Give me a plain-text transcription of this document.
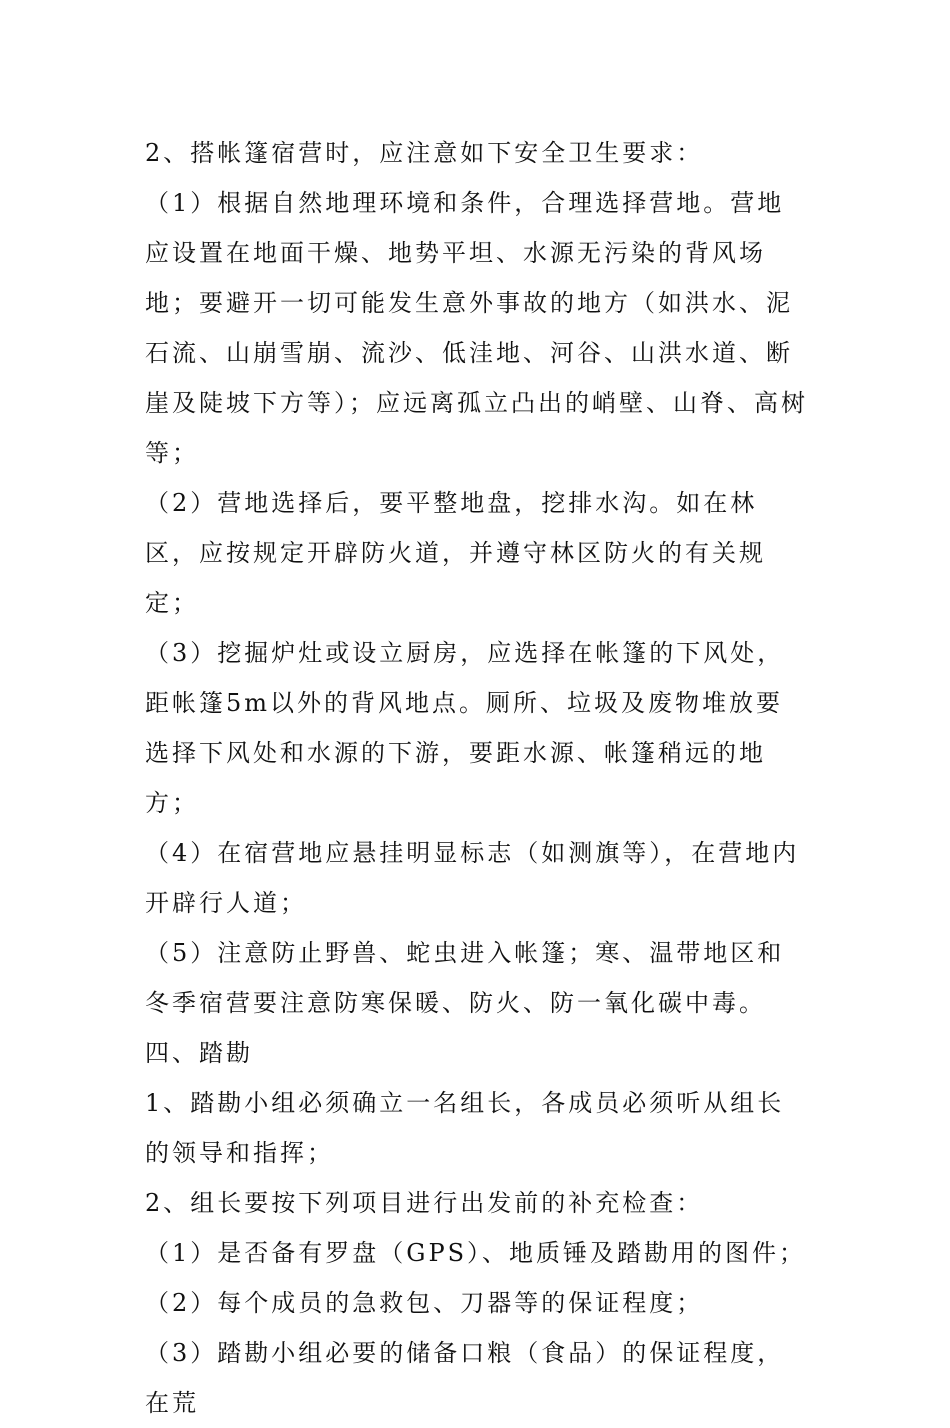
2、搭帐篷宿营时，应注意如下安全卫生要求：

（1）根据自然地理环境和条件，合理选择营地。营地应设置在地面干燥、地势平坦、水源无污染的背风场地；要避开一切可能发生意外事故的地方（如洪水、泥石流、山崩雪崩、流沙、低洼地、河谷、山洪水道、断崖及陡坡下方等）；应远离孤立凸出的峭壁、山脊、高树等；

（2）营地选择后，要平整地盘，挖排水沟。如在林区，应按规定开辟防火道，并遵守林区防火的有关规定；

（3）挖掘炉灶或设立厨房，应选择在帐篷的下风处，距帐篷5m以外的背风地点。厕所、垃圾及废物堆放要选择下风处和水源的下游，要距水源、帐篷稍远的地方；

（4）在宿营地应悬挂明显标志（如测旗等），在营地内开辟行人道；

（5）注意防止野兽、蛇虫进入帐篷；寒、温带地区和冬季宿营要注意防寒保暖、防火、防一氧化碳中毒。

四、踏勘

1、踏勘小组必须确立一名组长，各成员必须听从组长的领导和指挥；

2、组长要按下列项目进行出发前的补充检查：

（1）是否备有罗盘（GPS）、地质锤及踏勘用的图件；

（2）每个成员的急救包、刀器等的保证程度；

（3）踏勘小组必要的储备口粮（食品）的保证程度，在荒
